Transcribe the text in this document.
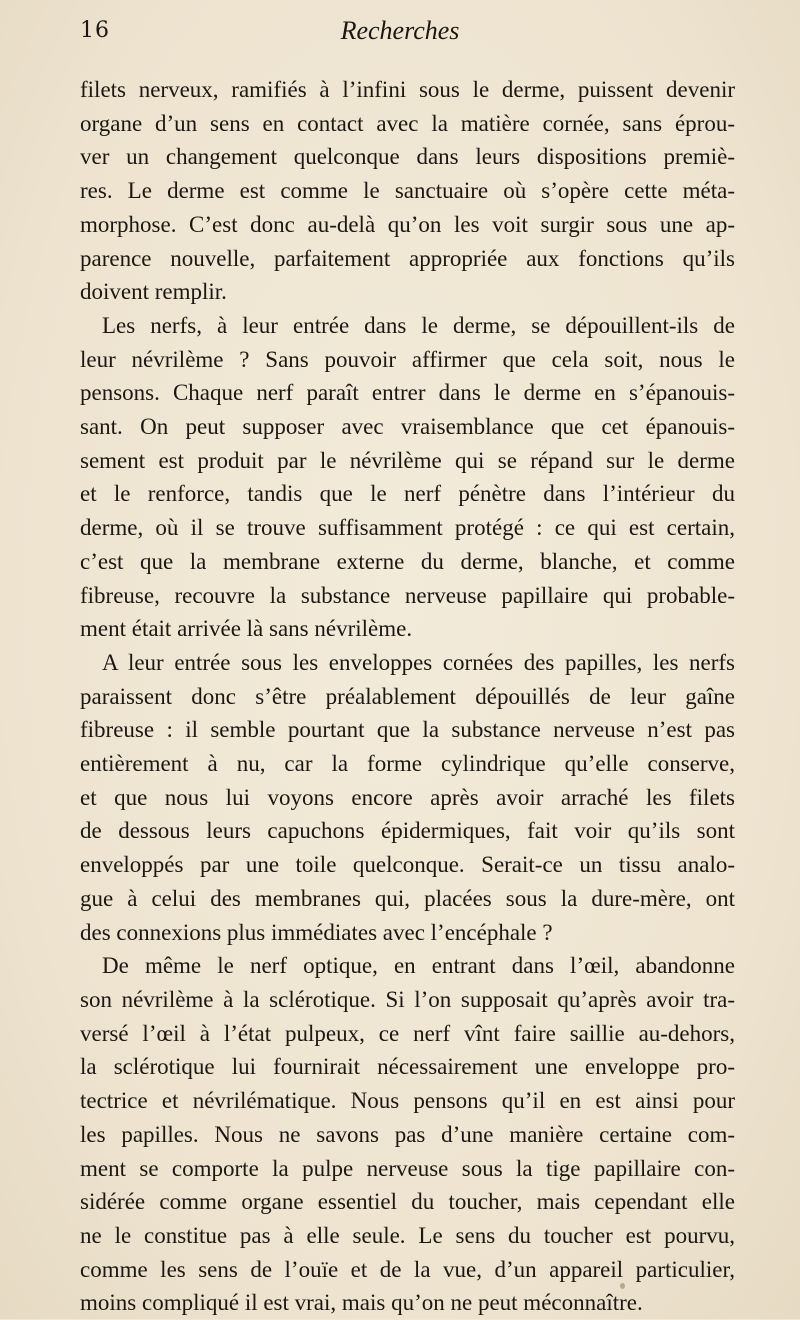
16	Recherches
filets nerveux, ramifiés à l’infini sous le derme, puissent devenir
organe d’un sens en contact avec la matière cornée, sans éprou-
ver un changement quelconque dans leurs dispositions premiè-
res. Le derme est comme le sanctuaire où s’opère cette méta-
morphose. C’est donc au-delà qu’on les voit surgir sous une ap-
parence nouvelle, parfaitement appropriée aux fonctions qu’ils
doivent remplir.
Les nerfs, à leur entrée dans le derme, se dépouillent-ils de
leur névrilème ? Sans pouvoir affirmer que cela soit, nous le
pensons. Chaque nerf paraît entrer dans le derme en s’épanouis-
sant. On peut supposer avec vraisemblance que cet épanouis-
sement est produit par le névrilème qui se répand sur le derme
et le renforce, tandis que le nerf pénètre dans l’intérieur du
derme, où il se trouve suffisamment protégé : ce qui est certain,
c’est que la membrane externe du derme, blanche, et comme
fibreuse, recouvre la substance nerveuse papillaire qui probable-
ment était arrivée là sans névrilème.
A leur entrée sous les enveloppes cornées des papilles, les nerfs
paraissent donc s’être préalablement dépouillés de leur gaîne
fibreuse : il semble pourtant que la substance nerveuse n’est pas
entièrement à nu, car la forme cylindrique qu’elle conserve,
et que nous lui voyons encore après avoir arraché les filets
de dessous leurs capuchons épidermiques, fait voir qu’ils sont
enveloppés par une toile quelconque. Serait-ce un tissu analo-
gue à celui des membranes qui, placées sous la dure-mère, ont
des connexions plus immédiates avec l’encéphale ?
De même le nerf optique, en entrant dans l’œil, abandonne
son névrilème à la sclérotique. Si l’on supposait qu’après avoir tra-
versé l’œil à l’état pulpeux, ce nerf vînt faire saillie au-dehors,
la sclérotique lui fournirait nécessairement une enveloppe pro-
tectrice et névrilématique. Nous pensons qu’il en est ainsi pour
les papilles. Nous ne savons pas d’une manière certaine com-
ment se comporte la pulpe nerveuse sous la tige papillaire con-
sidérée comme organe essentiel du toucher, mais cependant elle
ne le constitue pas à elle seule. Le sens du toucher est pourvu,
comme les sens de l’ouïe et de la vue, d’un appareil particulier,
moins compliqué il est vrai, mais qu’on ne peut méconnaître.
